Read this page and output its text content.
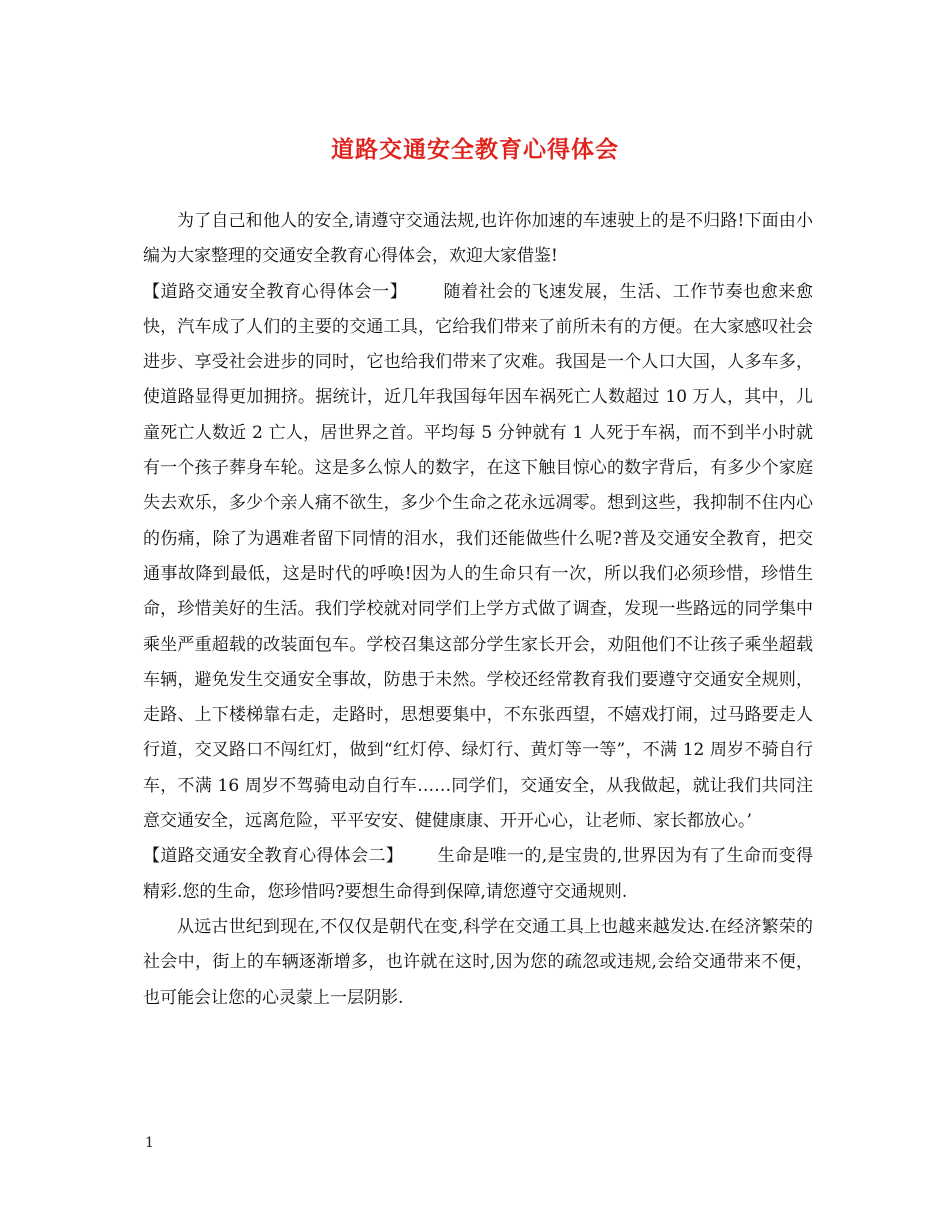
道路交通安全教育心得体会

为了自己和他人的安全,请遵守交通法规,也许你加速的车速驶上的是不归路!下面由小编为大家整理的交通安全教育心得体会，欢迎大家借鉴!

【道路交通安全教育心得体会一】 随着社会的飞速发展，生活、工作节奏也愈来愈快，汽车成了人们的主要的交通工具，它给我们带来了前所未有的方便。在大家感叹社会进步、享受社会进步的同时，它也给我们带来了灾难。我国是一个人口大国，人多车多，使道路显得更加拥挤。据统计，近几年我国每年因车祸死亡人数超过 10 万人，其中，儿童死亡人数近 2 亡人，居世界之首。平均每 5 分钟就有 1 人死于车祸，而不到半小时就有一个孩子葬身车轮。这是多么惊人的数字，在这下触目惊心的数字背后，有多少个家庭失去欢乐，多少个亲人痛不欲生，多少个生命之花永远凋零。想到这些，我抑制不住内心的伤痛，除了为遇难者留下同情的泪水，我们还能做些什么呢?普及交通安全教育，把交通事故降到最低，这是时代的呼唤!因为人的生命只有一次，所以我们必须珍惜，珍惜生命，珍惜美好的生活。我们学校就对同学们上学方式做了调查，发现一些路远的同学集中乘坐严重超载的改装面包车。学校召集这部分学生家长开会，劝阻他们不让孩子乘坐超载车辆，避免发生交通安全事故，防患于未然。学校还经常教育我们要遵守交通安全规则，走路、上下楼梯靠右走，走路时，思想要集中，不东张西望，不嬉戏打闹，过马路要走人行道，交叉路口不闯红灯，做到“红灯停、绿灯行、黄灯等一等”，不满 12 周岁不骑自行车，不满 16 周岁不驾骑电动自行车……同学们，交通安全，从我做起，就让我们共同注意交通安全，远离危险，平平安安、健健康康、开开心心，让老师、家长都放心。’

【道路交通安全教育心得体会二】 生命是唯一的,是宝贵的,世界因为有了生命而变得精彩.您的生命，您珍惜吗?要想生命得到保障,请您遵守交通规则.

从远古世纪到现在,不仅仅是朝代在变,科学在交通工具上也越来越发达.在经济繁荣的社会中，街上的车辆逐渐增多，也许就在这时,因为您的疏忽或违规,会给交通带来不便，也可能会让您的心灵蒙上一层阴影.

1
